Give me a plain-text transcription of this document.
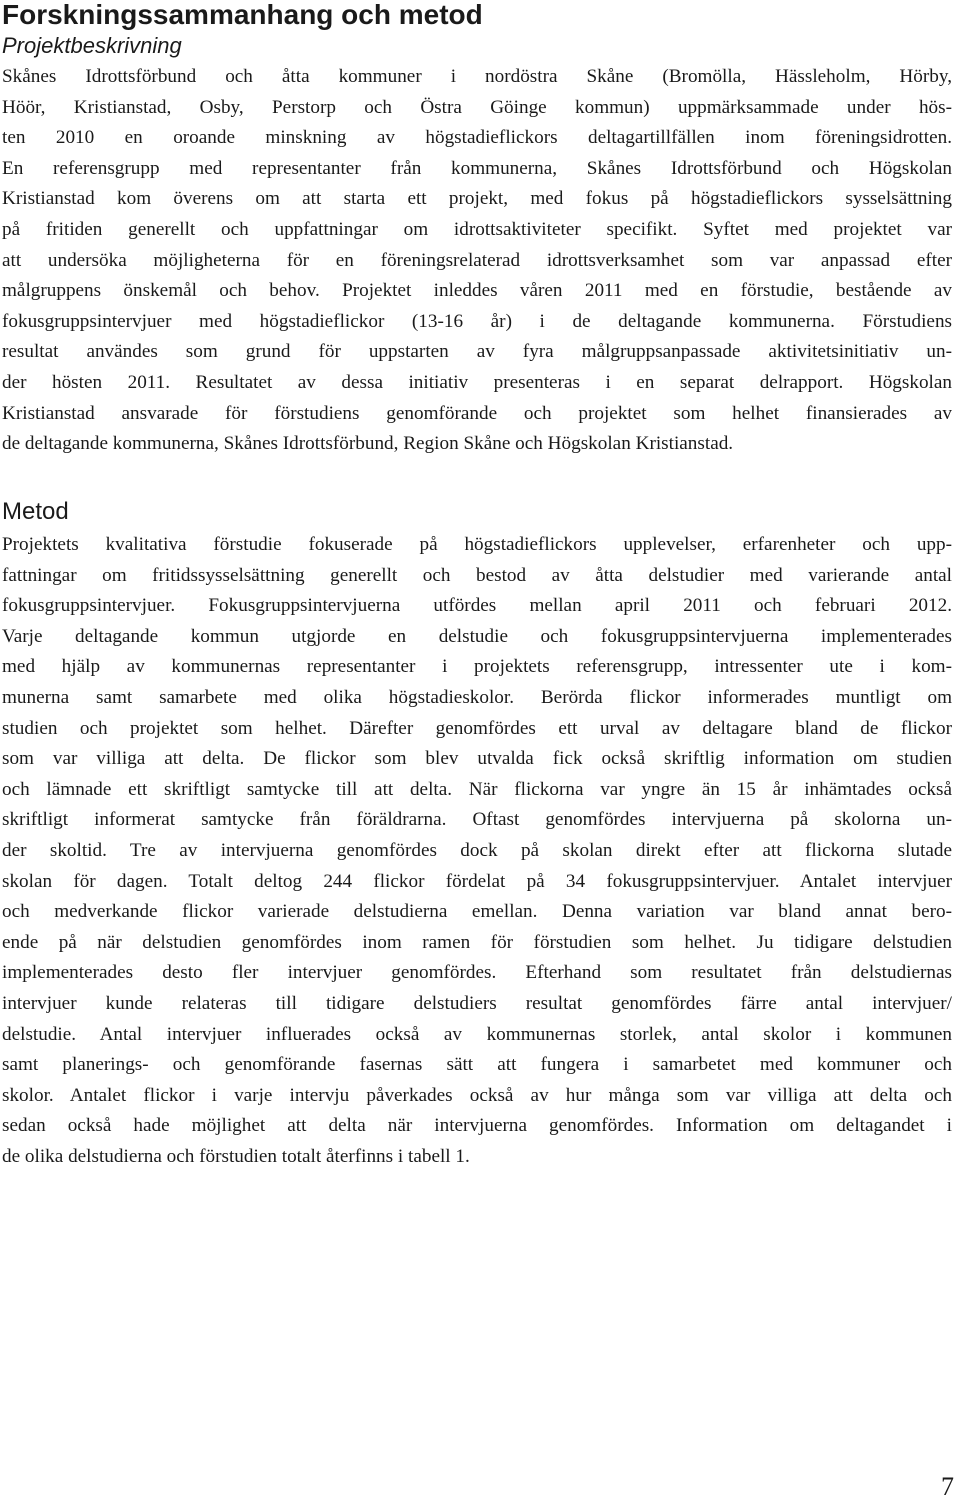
Forskningssammanhang och metod
Projektbeskrivning
Skånes Idrottsförbund och åtta kommuner i nordöstra Skåne (Bromölla, Hässleholm, Hörby,
Höör, Kristianstad, Osby, Perstorp och Östra Göinge kommun) uppmärksammade under hös-
ten 2010 en oroande minskning av högstadieflickors deltagartillfällen inom föreningsidrotten.
En referensgrupp med representanter från kommunerna, Skånes Idrottsförbund och Högskolan
Kristianstad kom överens om att starta ett projekt, med fokus på högstadieflickors sysselsättning
på fritiden generellt och uppfattningar om idrottsaktiviteter specifikt. Syftet med projektet var
att undersöka möjligheterna för en föreningsrelaterad idrottsverksamhet som var anpassad efter
målgruppens önskemål och behov. Projektet inleddes våren 2011 med en förstudie, bestående av
fokusgruppsintervjuer med högstadieflickor (13-16 år) i de deltagande kommunerna. Förstudiens
resultat användes som grund för uppstarten av fyra målgruppsanpassade aktivitetsinitiativ un-
der hösten 2011. Resultatet av dessa initiativ presenteras i en separat delrapport. Högskolan
Kristianstad ansvarade för förstudiens genomförande och projektet som helhet finansierades av
de deltagande kommunerna, Skånes Idrottsförbund, Region Skåne och Högskolan Kristianstad.
Metod
Projektets kvalitativa förstudie fokuserade på högstadieflickors upplevelser, erfarenheter och upp-
fattningar om fritidssysselsättning generellt och bestod av åtta delstudier med varierande antal
fokusgruppsintervjuer. Fokusgruppsintervjuerna utfördes mellan april 2011 och februari 2012.
Varje deltagande kommun utgjorde en delstudie och fokusgruppsintervjuerna implementerades
med hjälp av kommunernas representanter i projektets referensgrupp, intressenter ute i kom-
munerna samt samarbete med olika högstadieskolor. Berörda flickor informerades muntligt om
studien och projektet som helhet. Därefter genomfördes ett urval av deltagare bland de flickor
som var villiga att delta. De flickor som blev utvalda fick också skriftlig information om studien
och lämnade ett skriftligt samtycke till att delta. När flickorna var yngre än 15 år inhämtades också
skriftligt informerat samtycke från föräldrarna. Oftast genomfördes intervjuerna på skolorna un-
der skoltid. Tre av intervjuerna genomfördes dock på skolan direkt efter att flickorna slutade
skolan för dagen. Totalt deltog 244 flickor fördelat på 34 fokusgruppsintervjuer. Antalet intervjuer
och medverkande flickor varierade delstudierna emellan. Denna variation var bland annat bero-
ende på när delstudien genomfördes inom ramen för förstudien som helhet. Ju tidigare delstudien
implementerades desto fler intervjuer genomfördes. Efterhand som resultatet från delstudiernas
intervjuer kunde relateras till tidigare delstudiers resultat genomfördes färre antal intervjuer/
delstudie. Antal intervjuer influerades också av kommunernas storlek, antal skolor i kommunen
samt planerings- och genomförande fasernas sätt att fungera i samarbetet med kommuner och
skolor. Antalet flickor i varje intervju påverkades också av hur många som var villiga att delta och
sedan också hade möjlighet att delta när intervjuerna genomfördes. Information om deltagandet i
de olika delstudierna och förstudien totalt återfinns i tabell 1.
7
